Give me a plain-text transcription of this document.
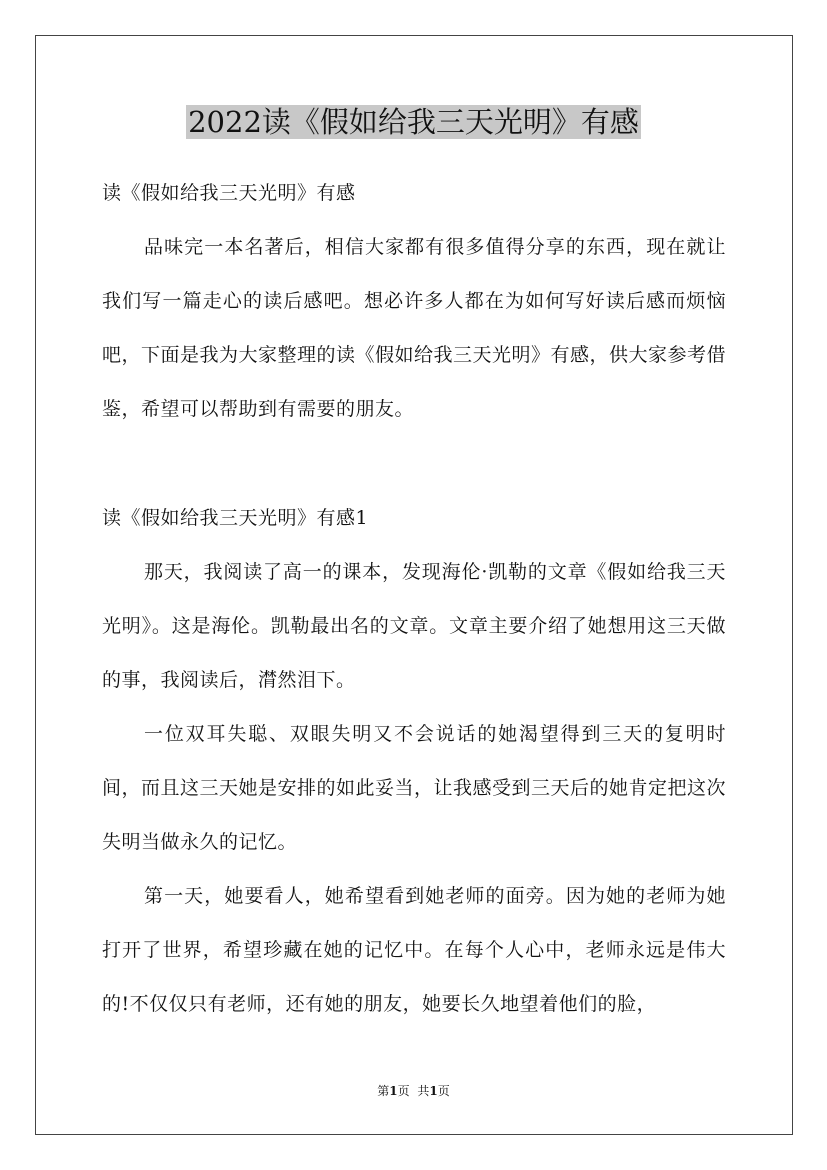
2022读《假如给我三天光明》有感

读《假如给我三天光明》有感

品味完一本名著后，相信大家都有很多值得分享的东西，现在就让我们写一篇走心的读后感吧。想必许多人都在为如何写好读后感而烦恼吧，下面是我为大家整理的读《假如给我三天光明》有感，供大家参考借鉴，希望可以帮助到有需要的朋友。

读《假如给我三天光明》有感1

那天，我阅读了高一的课本，发现海伦·凯勒的文章《假如给我三天光明》。这是海伦。凯勒最出名的文章。文章主要介绍了她想用这三天做的事，我阅读后，潸然泪下。

一位双耳失聪、双眼失明又不会说话的她渴望得到三天的复明时间，而且这三天她是安排的如此妥当，让我感受到三天后的她肯定把这次失明当做永久的记忆。

第一天，她要看人，她希望看到她老师的面旁。因为她的老师为她打开了世界，希望珍藏在她的记忆中。在每个人心中，老师永远是伟大的!不仅仅只有老师，还有她的朋友，她要长久地望着他们的脸，

第1页 共1页
